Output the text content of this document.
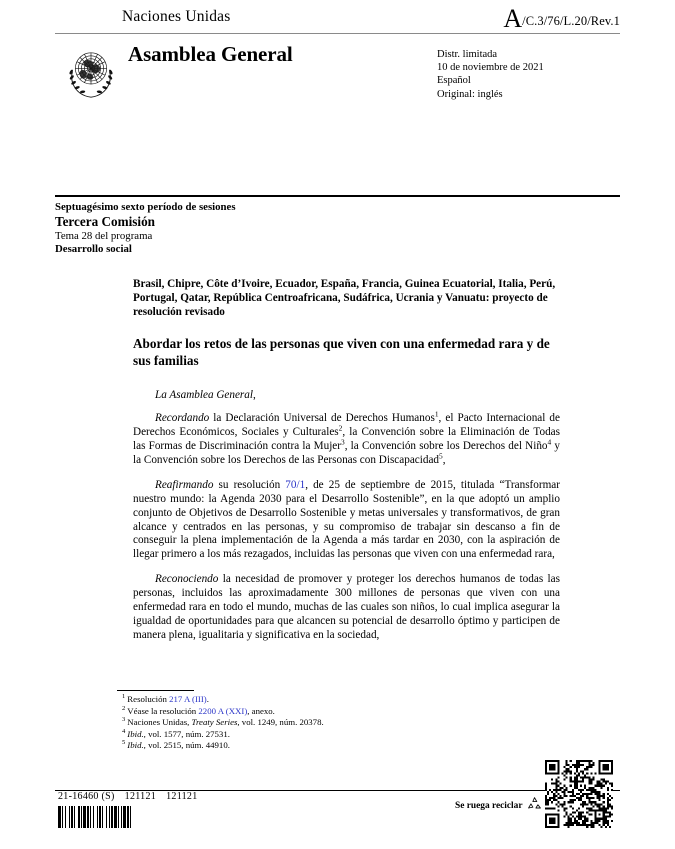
Naciones Unidas	A/C.3/76/L.20/Rev.1
Asamblea General	Distr. limitada
10 de noviembre de 2021
Español
Original: inglés
Septuagésimo sexto período de sesiones
Tercera Comisión
Tema 28 del programa
Desarrollo social
Brasil, Chipre, Côte d’Ivoire, Ecuador, España, Francia, Guinea Ecuatorial, Italia, Perú, Portugal, Qatar, República Centroafricana, Sudáfrica, Ucrania y Vanuatu: proyecto de resolución revisado
Abordar los retos de las personas que viven con una enfermedad rara y de sus familias
La Asamblea General,

Recordando la Declaración Universal de Derechos Humanos$^1$, el Pacto Internacional de Derechos Económicos, Sociales y Culturales$^2$, la Convención sobre la Eliminación de Todas las Formas de Discriminación contra la Mujer$^3$, la Convención sobre los Derechos del Niño$^4$ y la Convención sobre los Derechos de las Personas con Discapacidad$^5$,

Reafirmando su resolución 70/1, de 25 de septiembre de 2015, titulada “Transformar nuestro mundo: la Agenda 2030 para el Desarrollo Sostenible”, en la que adoptó un amplio conjunto de Objetivos de Desarrollo Sostenible y metas universales y transformativos, de gran alcance y centrados en las personas, y su compromiso de trabajar sin descanso a fin de conseguir la plena implementación de la Agenda a más tardar en 2030, con la aspiración de llegar primero a los más rezagados, incluidas las personas que viven con una enfermedad rara,

Reconociendo la necesidad de promover y proteger los derechos humanos de todas las personas, incluidos las aproximadamente 300 millones de personas que viven con una enfermedad rara en todo el mundo, muchas de las cuales son niños, lo cual implica asegurar la igualdad de oportunidades para que alcancen su potencial de desarrollo óptimo y participen de manera plena, igualitaria y significativa en la sociedad,

$^1$ Resolución 217 A (III).
$^2$ Véase la resolución 2200 A (XXI), anexo.
$^3$ Naciones Unidas, Treaty Series, vol. 1249, núm. 20378.
$^4$ Ibid., vol. 1577, núm. 27531.
$^5$ Ibid., vol. 2515, núm. 44910.
21-16460 (S) 121121 121121
Se ruega reciclar
